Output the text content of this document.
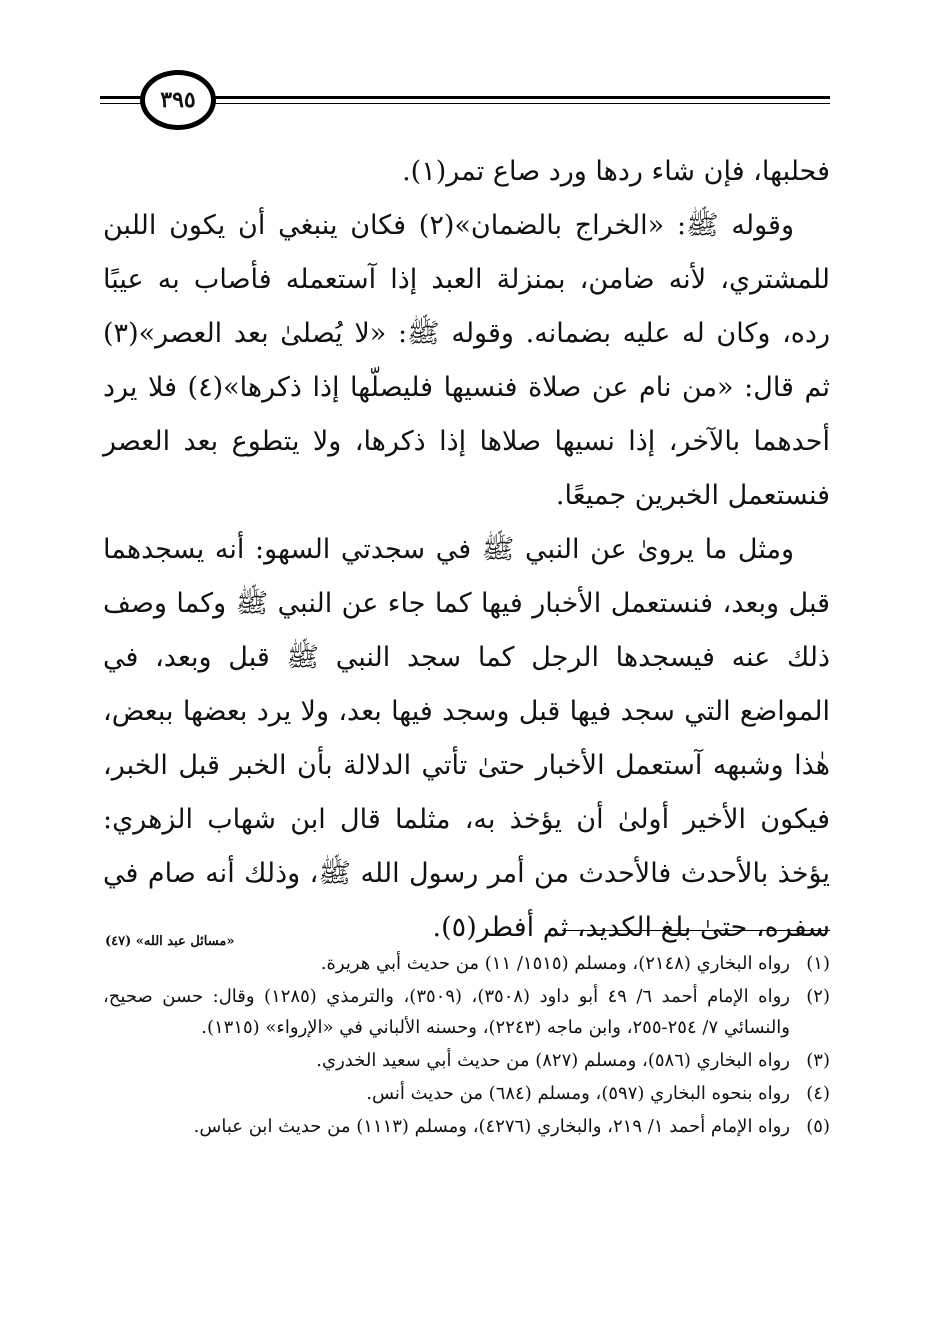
٣٩٥

فحلبها، فإن شاء ردها ورد صاع تمر(١).

وقوله ﷺ: «الخراج بالضمان»(٢) فكان ينبغي أن يكون اللبن للمشتري، لأنه ضامن، بمنزلة العبد إذا آستعمله فأصاب به عيبًا رده، وكان له عليه بضمانه. وقوله ﷺ: «لا يُصلىٰ بعد العصر»(٣) ثم قال: «من نام عن صلاة فنسيها فليصلّها إذا ذكرها»(٤) فلا يرد أحدهما بالآخر، إذا نسيها صلاها إذا ذكرها، ولا يتطوع بعد العصر فنستعمل الخبرين جميعًا.

ومثل ما يرویٰ عن النبي ﷺ في سجدتي السهو: أنه يسجدهما قبل وبعد، فنستعمل الأخبار فيها كما جاء عن النبي ﷺ وكما وصف ذلك عنه فيسجدها الرجل كما سجد النبي ﷺ قبل وبعد، في المواضع التي سجد فيها قبل وسجد فيها بعد، ولا يرد بعضها ببعض، هٰذا وشبهه آستعمل الأخبار حتىٰ تأتي الدلالة بأن الخبر قبل الخبر، فيكون الأخير أولىٰ أن يؤخذ به، مثلما قال ابن شهاب الزهري: يؤخذ بالأحدث فالأحدث من أمر رسول الله ﷺ، وذلك أنه صام في سفره، حتىٰ بلغ الكديد، ثم أفطر(٥).
«مسائل عبد الله» (٤٧)

(١)
رواه البخاري (٢١٤٨)، ومسلم (١٥١٥/ ١١) من حديث أبي هريرة.
(٢)
رواه الإمام أحمد ٦/ ٤٩ أبو داود (٣٥٠٨)، (٣٥٠٩)، والترمذي (١٢٨٥) وقال: حسن صحيح، والنسائي ٧/ ٢٥٤-٢٥٥، وابن ماجه (٢٢٤٣)، وحسنه الألباني في «الإرواء» (١٣١٥).
(٣)
رواه البخاري (٥٨٦)، ومسلم (٨٢٧) من حديث أبي سعيد الخدري.
(٤)
رواه بنحوه البخاري (٥٩٧)، ومسلم (٦٨٤) من حديث أنس.
(٥)
رواه الإمام أحمد ١/ ٢١٩، والبخاري (٤٢٧٦)، ومسلم (١١١٣) من حديث ابن عباس.
